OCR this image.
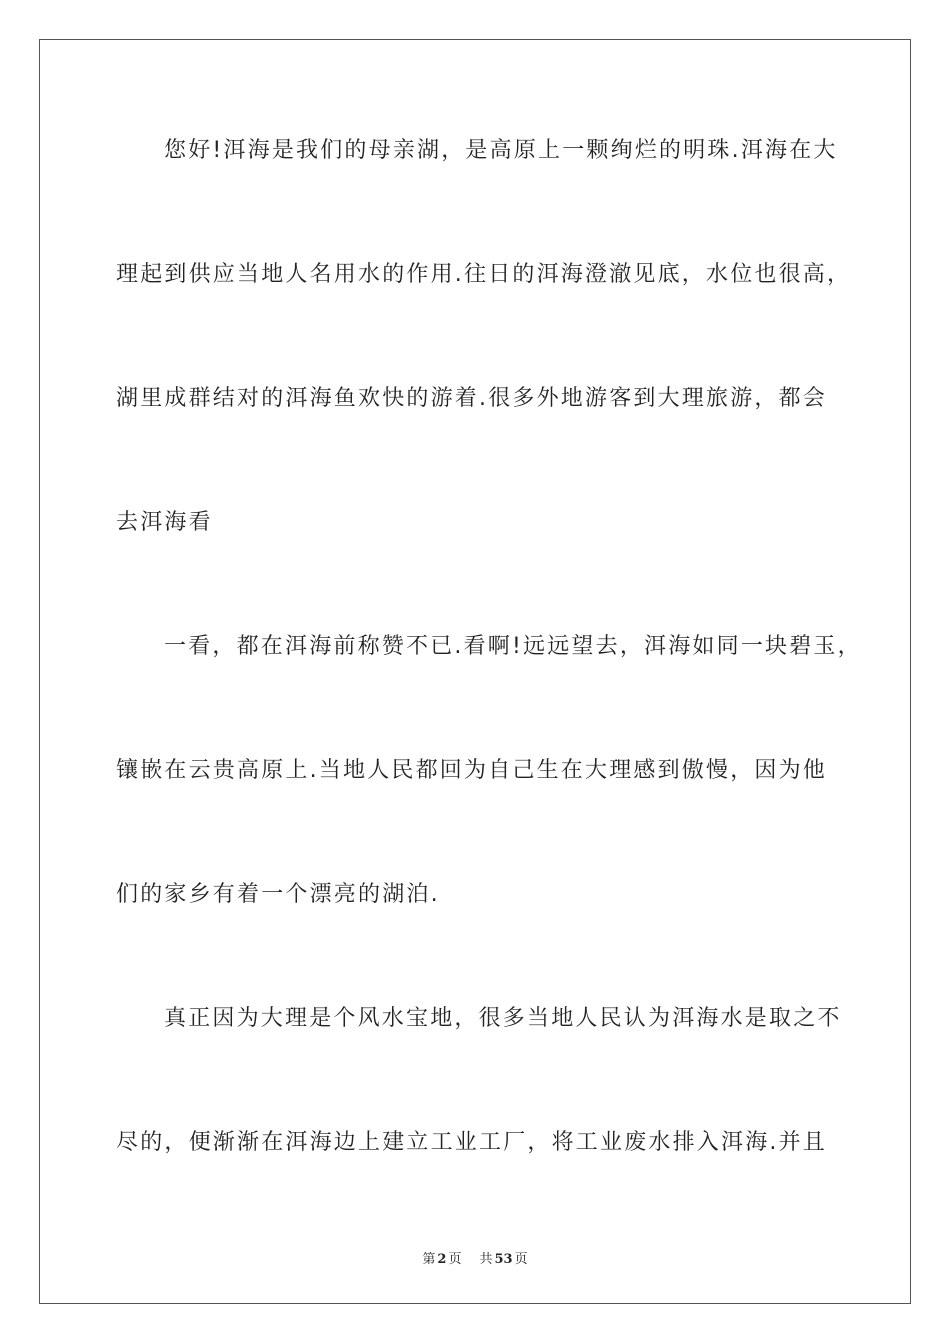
您好!洱海是我们的母亲湖，是高原上一颗绚烂的明珠.洱海在大
理起到供应当地人名用水的作用.往日的洱海澄澈见底，水位也很高，
湖里成群结对的洱海鱼欢快的游着.很多外地游客到大理旅游，都会
去洱海看
一看，都在洱海前称赞不已.看啊!远远望去，洱海如同一块碧玉，
镶嵌在云贵高原上.当地人民都回为自己生在大理感到傲慢，因为他
们的家乡有着一个漂亮的湖泊.
真正因为大理是个风水宝地，很多当地人民认为洱海水是取之不
尽的，便渐渐在洱海边上建立工业工厂，将工业废水排入洱海.并且
第 2 页 共 53 页
